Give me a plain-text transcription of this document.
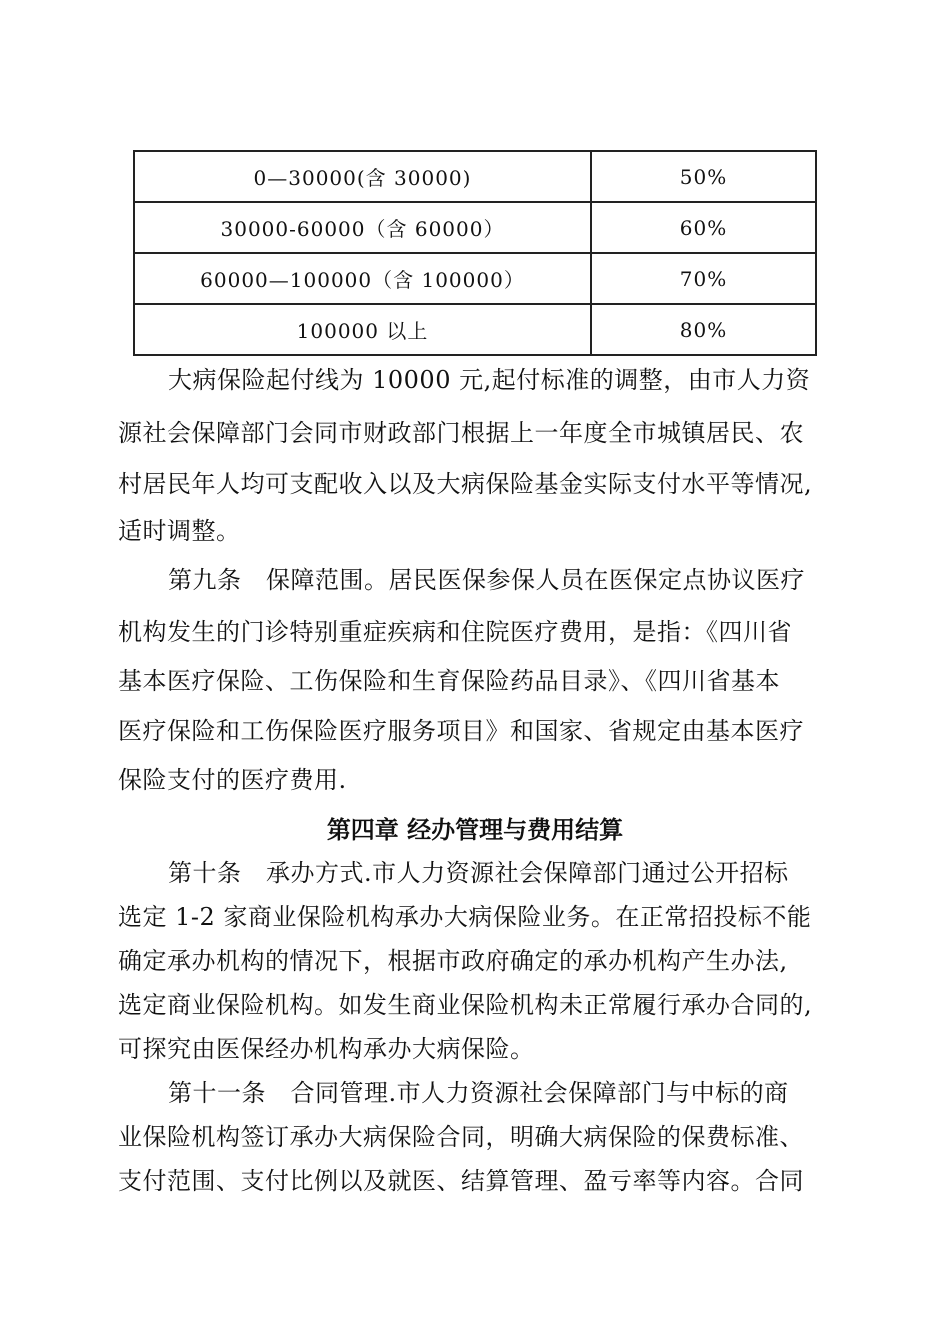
0—30000(含 30000)	50%
30000-60000（含 60000）	60%
60000—100000（含 100000）	70%
100000 以上	80%
大病保险起付线为 10000 元,起付标准的调整，由市人力资
源社会保障部门会同市财政部门根据上一年度全市城镇居民、农
村居民年人均可支配收入以及大病保险基金实际支付水平等情况,
适时调整。
第九条　保障范围。居民医保参保人员在医保定点协议医疗
机构发生的门诊特别重症疾病和住院医疗费用，是指：《四川省
基本医疗保险、工伤保险和生育保险药品目录》、《四川省基本
医疗保险和工伤保险医疗服务项目》和国家、省规定由基本医疗
保险支付的医疗费用.
第四章 经办管理与费用结算
第十条　承办方式.市人力资源社会保障部门通过公开招标
选定 1-2 家商业保险机构承办大病保险业务。在正常招投标不能
确定承办机构的情况下，根据市政府确定的承办机构产生办法,
选定商业保险机构。如发生商业保险机构未正常履行承办合同的,
可探究由医保经办机构承办大病保险。
第十一条　合同管理.市人力资源社会保障部门与中标的商
业保险机构签订承办大病保险合同，明确大病保险的保费标准、
支付范围、支付比例以及就医、结算管理、盈亏率等内容。合同
